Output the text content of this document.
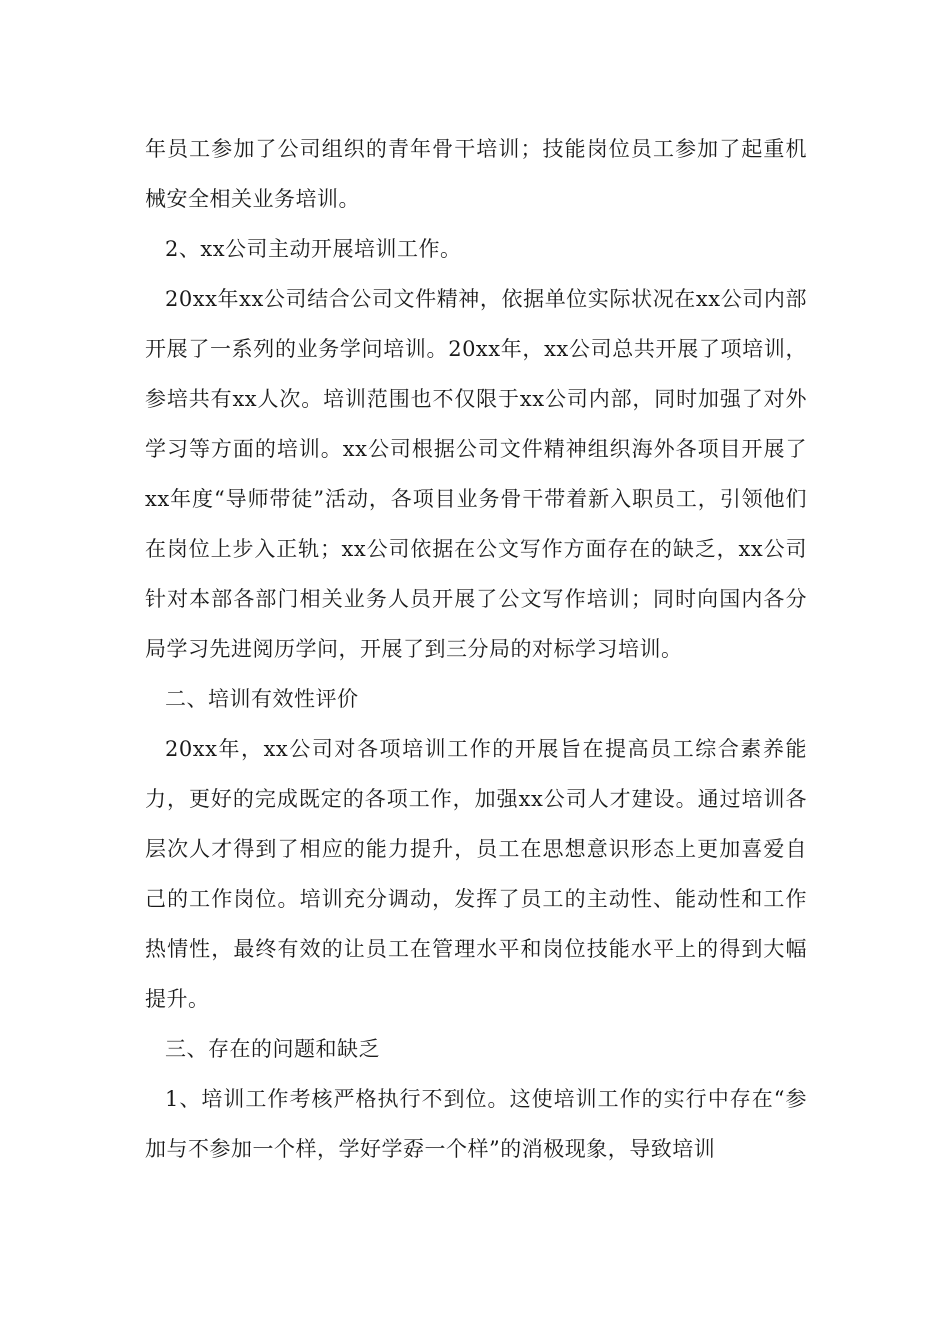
年员工参加了公司组织的青年骨干培训；技能岗位员工参加了起重机械安全相关业务培训。

2、xx公司主动开展培训工作。

20xx年xx公司结合公司文件精神，依据单位实际状况在xx公司内部开展了一系列的业务学问培训。20xx年，xx公司总共开展了项培训，参培共有xx人次。培训范围也不仅限于xx公司内部，同时加强了对外学习等方面的培训。xx公司根据公司文件精神组织海外各项目开展了xx年度“导师带徒”活动，各项目业务骨干带着新入职员工，引领他们在岗位上步入正轨；xx公司依据在公文写作方面存在的缺乏，xx公司针对本部各部门相关业务人员开展了公文写作培训；同时向国内各分局学习先进阅历学问，开展了到三分局的对标学习培训。

二、培训有效性评价

20xx年，xx公司对各项培训工作的开展旨在提高员工综合素养能力，更好的完成既定的各项工作，加强xx公司人才建设。通过培训各层次人才得到了相应的能力提升，员工在思想意识形态上更加喜爱自己的工作岗位。培训充分调动，发挥了员工的主动性、能动性和工作热情性，最终有效的让员工在管理水平和岗位技能水平上的得到大幅提升。

三、存在的问题和缺乏

1、培训工作考核严格执行不到位。这使培训工作的实行中存在“参加与不参加一个样，学好学孬一个样”的消极现象，导致培训
